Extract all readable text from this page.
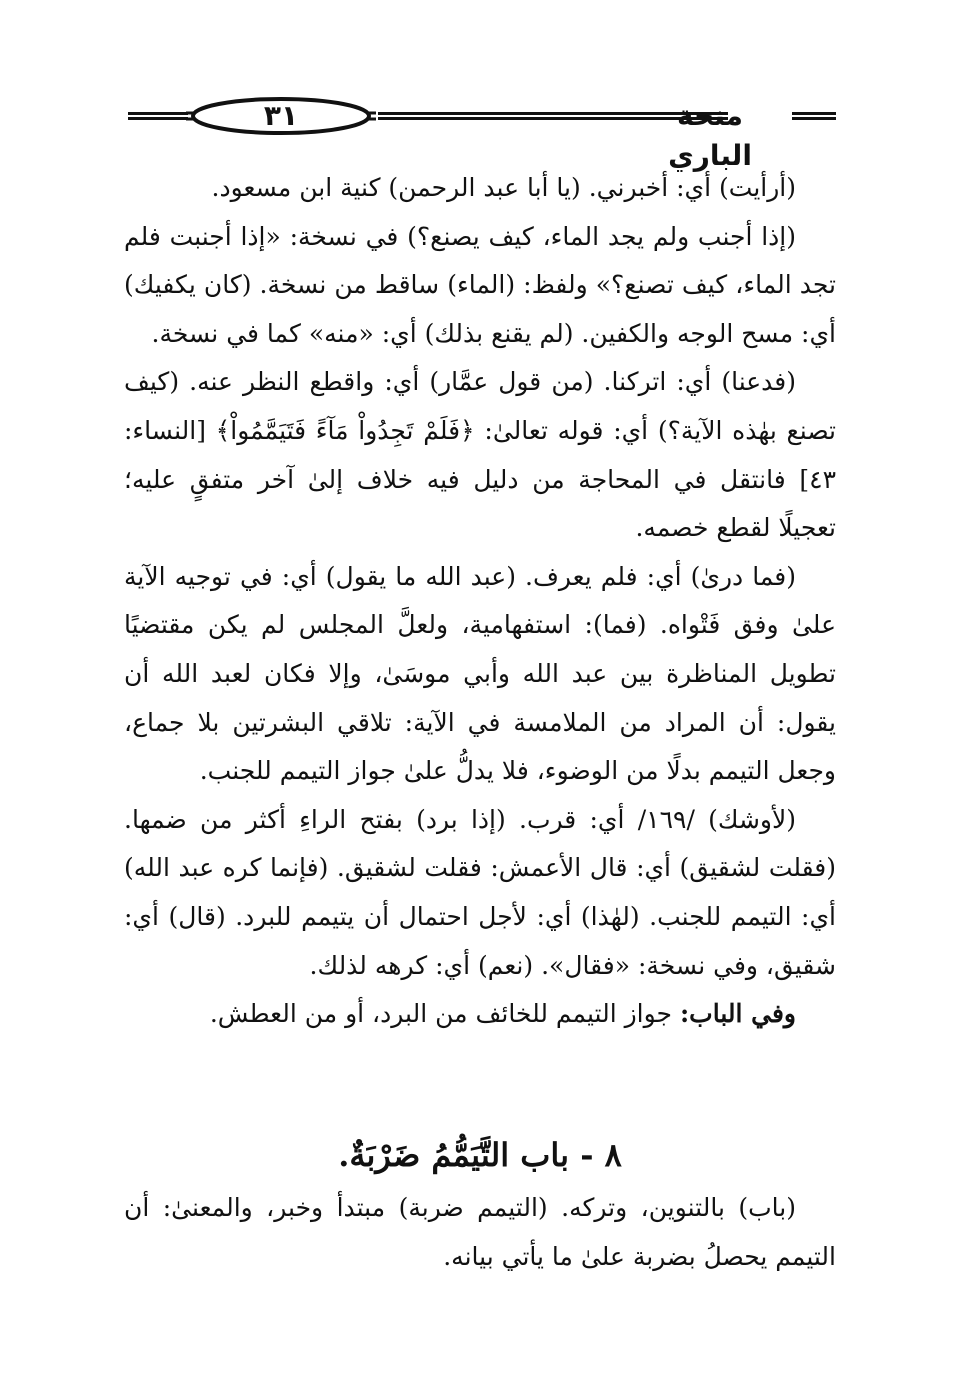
٣١	منحة الباري

(أرأيت) أي: أخبرني. (يا أبا عبد الرحمن) كنية ابن مسعود.

(إذا أجنب ولم يجد الماء، كيف يصنع؟) في نسخة: «إذا أجنبت فلم تجد الماء، كيف تصنع؟» ولفظ: (الماء) ساقط من نسخة. (كان يكفيك) أي: مسح الوجه والكفين. (لم يقنع بذلك) أي: «منه» كما في نسخة.

(فدعنا) أي: اتركنا. (من قول عمَّار) أي: واقطع النظر عنه. (كيف تصنع بهٰذه الآية؟) أي: قوله تعالىٰ: ﴿فَلَمْ تَجِدُواْ مَآءً فَتَيَمَّمُواْ﴾ [النساء: ٤٣] فانتقل في المحاجة من دليل فيه خلاف إلىٰ آخر متفقٍ عليه؛ تعجيلًا لقطع خصمه.

(فما درىٰ) أي: فلم يعرف. (عبد الله ما يقول) أي: في توجيه الآية علىٰ وفق فَتْواه. (فما): استفهامية، ولعلَّ المجلس لم يكن مقتضيًا تطويل المناظرة بين عبد الله وأبي موسَىٰ، وإلا فكان لعبد الله أن يقول: أن المراد من الملامسة في الآية: تلاقي البشرتين بلا جماع، وجعل التيمم بدلًا من الوضوء، فلا يدلُّ علىٰ جواز التيمم للجنب.

(لأوشك) /١٦٩/ أي: قرب. (إذا برد) بفتح الراءِ أكثر من ضمها. (فقلت لشقيق) أي: قال الأعمش: فقلت لشقيق. (فإنما كره عبد الله) أي: التيمم للجنب. (لهٰذا) أي: لأجل احتمال أن يتيمم للبرد. (قال) أي: شقيق، وفي نسخة: «فقال». (نعم) أي: كرهه لذلك.

وفي الباب: جواز التيمم للخائف من البرد، أو من العطش.

٨ - باب التَّيَمُّمُ ضَرْبَةٌ.

(باب) بالتنوين، وتركه. (التيمم ضربة) مبتدأ وخبر، والمعنىٰ: أن التيمم يحصلُ بضربة علىٰ ما يأتي بيانه.
